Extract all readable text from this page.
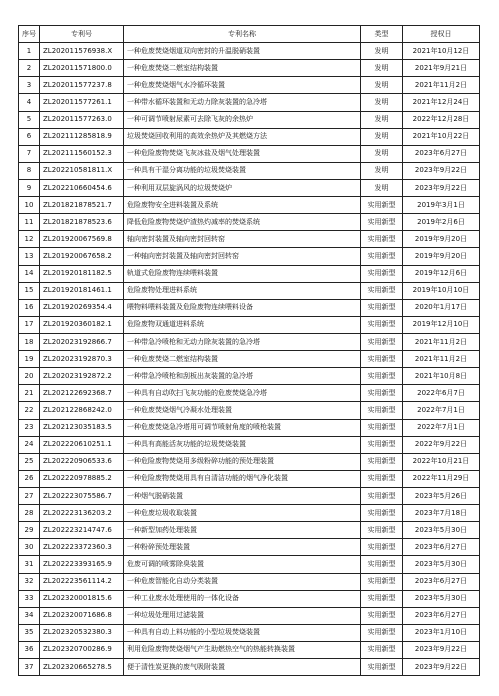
序号	专利号	专利名称	类型	授权日
1	ZL202011576938.X	一种危废焚烧烟道双向密封的升温脱硝装置	发明	2021年10月12日
2	ZL202011571800.0	一种危废焚烧二燃室结构装置	发明	2021年9月21日
3	ZL202011577237.8	一种危废焚烧烟气水冷循环装置	发明	2021年11月2日
4	ZL202011577261.1	一种带水循环装置和无动力除灰装置的急冷塔	发明	2021年12月24日
5	ZL202011577263.0	一种可调节喷射尿素可去除飞灰的余热炉	发明	2022年12月28日
6	ZL202111285818.9	垃圾焚烧回收利用的高效余热炉及其燃烧方法	发明	2021年10月22日
7	ZL202111560152.3	一种危险废物焚烧飞灰冰盐及烟气处理装置	发明	2023年6月27日
8	ZL202210581811.X	一种具有干湿分离功能的垃圾焚烧装置	发明	2023年9月22日
9	ZL202210660454.6	一种利用双层旋涡风的垃圾焚烧炉	发明	2023年9月22日
10	ZL201821878521.7	危险废物安全进料装置及系统	实用新型	2019年3月1日
11	ZL201821878523.6	降低危险废物焚烧炉渣热灼减率的焚烧系统	实用新型	2019年2月6日
12	ZL201920067569.8	轴向密封装置及轴向密封回转窑	实用新型	2019年9月20日
13	ZL201920067658.2	一种轴向密封装置及轴向密封回转窑	实用新型	2019年9月20日
14	ZL201920181182.5	轨道式危险废物连续喂料装置	实用新型	2019年12月6日
15	ZL201920181461.1	危险废物处理进料系统	实用新型	2019年10月10日
16	ZL201920269354.4	喂物料喂料装置及危险废物连续喂料设备	实用新型	2020年1月17日
17	ZL201920360182.1	危险废物双通道进料系统	实用新型	2019年12月10日
18	ZL202023192866.7	一种带急冷喷枪和无动力除灰装置的急冷塔	实用新型	2021年11月2日
19	ZL202023192870.3	一种危废焚烧二燃室结构装置	实用新型	2021年11月2日
20	ZL202023192872.2	一种带急冷喷枪和刮板出灰装置的急冷塔	实用新型	2021年10月8日
21	ZL202122692368.7	一种具有自动吹扫飞灰功能的危废焚烧急冷塔	实用新型	2022年6月7日
22	ZL202122868242.0	一种危废焚烧烟气冷凝水处理装置	实用新型	2022年7月1日
23	ZL202123035183.5	一种危废焚烧急冷塔用可调节喷射角度的喷枪装置	实用新型	2022年7月1日
24	ZL202220610251.1	一种具有高能活灰功能的垃圾焚烧装置	实用新型	2022年9月22日
25	ZL202220906533.6	一种危险废物焚烧用多级粉碎功能的预处理装置	实用新型	2022年10月21日
26	ZL202220978885.2	一种危险废物焚烧用具有自清洁功能的烟气净化装置	实用新型	2022年11月29日
27	ZL202223075586.7	一种烟气脱硝装置	实用新型	2023年5月26日
28	ZL202223136203.2	一种危废垃圾收取装置	实用新型	2023年7月18日
29	ZL202223214747.6	一种新型加药处理装置	实用新型	2023年5月30日
30	ZL202223372360.3	一种粉碎预处理装置	实用新型	2023年6月27日
31	ZL202223393165.9	危废可调的喷雾除臭装置	实用新型	2023年5月30日
32	ZL202223561114.2	一种危废智能化自动分类装置	实用新型	2023年6月27日
33	ZL202320001815.6	一种工业废水处理使用的一体化设备	实用新型	2023年5月30日
34	ZL202320071686.8	一种垃圾处理用过滤装置	实用新型	2023年6月27日
35	ZL202320532380.3	一种具有自动上料功能的小型垃圾焚烧装置	实用新型	2023年1月10日
36	ZL202320700286.9	利用危险废物焚烧烟气产生助燃热空气的热能转换装置	实用新型	2023年9月22日
37	ZL202320665278.5	便于清性炭更换的废气吸附装置	实用新型	2023年9月22日
